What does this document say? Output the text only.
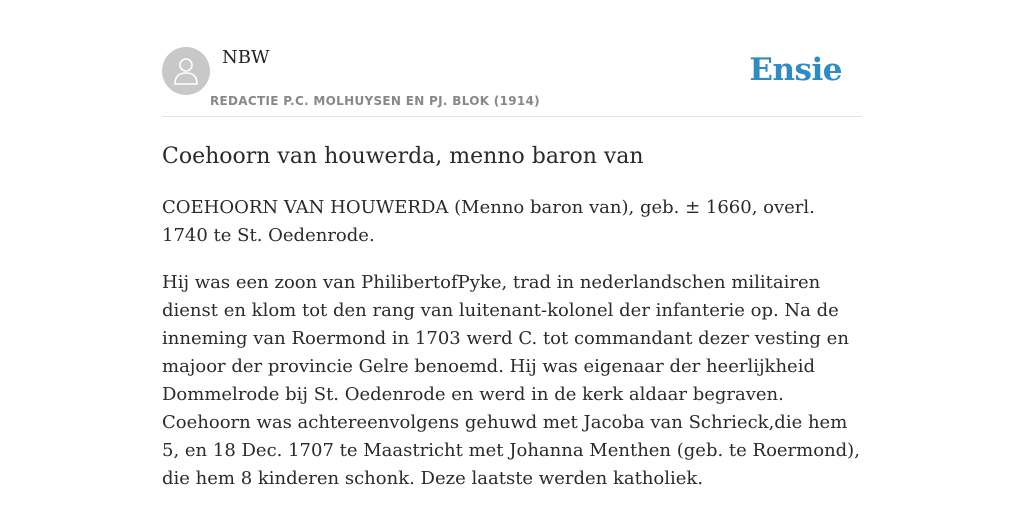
NBW
REDACTIE P.C. MOLHUYSEN EN PJ. BLOK (1914)
Ensie
Coehoorn van houwerda, menno baron van

COEHOORN VAN HOUWERDA (Menno baron van), geb. ± 1660, overl. 1740 te St. Oedenrode.

Hij was een zoon van PhilibertofPyke, trad in nederlandschen militairen dienst en klom tot den rang van luitenant-kolonel der infanterie op. Na de inneming van Roermond in 1703 werd C. tot commandant dezer vesting en majoor der provincie Gelre benoemd. Hij was eigenaar der heerlijkheid Dommelrode bij St. Oedenrode en werd in de kerk aldaar begraven. Coehoorn was achtereenvolgens gehuwd met Jacoba van Schrieck,die hem 5, en 18 Dec. 1707 te Maastricht met Johanna Menthen (geb. te Roermond), die hem 8 kinderen schonk. Deze laatste werden katholiek.
